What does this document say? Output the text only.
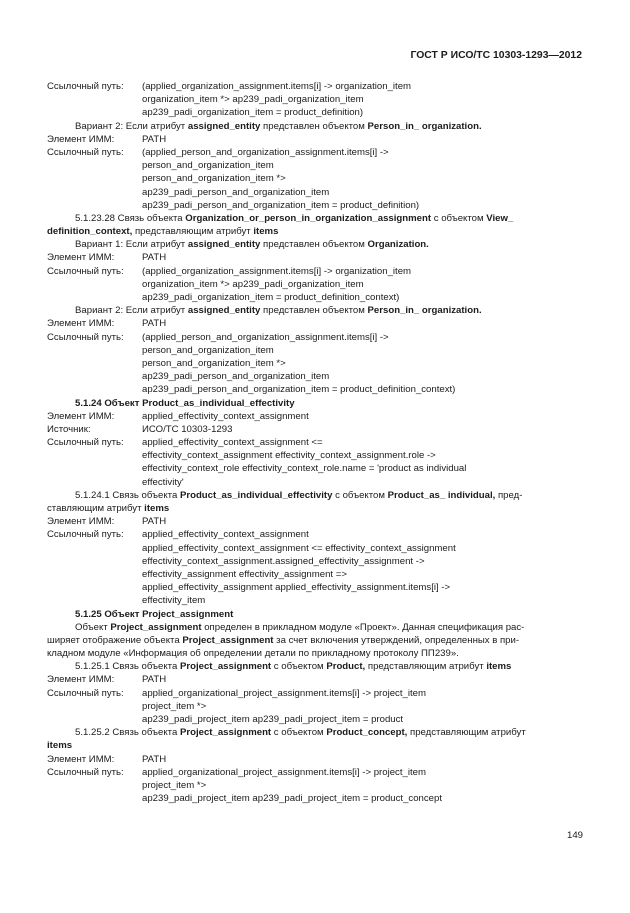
ГОСТ Р ИСО/ТС 10303-1293—2012
Ссылочный путь: (applied_organization_assignment.items[i] -> organization_item
organization_item *> ap239_padi_organization_item
ap239_padi_organization_item = product_definition)
Вариант 2: Если атрибут assigned_entity представлен объектом Person_in_ organization.
Элемент ИММ:	PATH
Ссылочный путь: (applied_person_and_organization_assignment.items[i] ->
person_and_organization_item
person_and_organization_item *>
ap239_padi_person_and_organization_item
ap239_padi_person_and_organization_item = product_definition)
5.1.23.28 Связь объекта Organization_or_person_in_organization_assignment с объектом View_
definition_context, представляющим атрибут items
Вариант 1: Если атрибут assigned_entity представлен объектом Organization.
Элемент ИММ:	PATH
Ссылочный путь: (applied_organization_assignment.items[i] -> organization_item
organization_item *> ap239_padi_organization_item
ap239_padi_organization_item = product_definition_context)
Вариант 2: Если атрибут assigned_entity представлен объектом Person_in_ organization.
Элемент ИММ:	PATH
Ссылочный путь: (applied_person_and_organization_assignment.items[i] ->
person_and_organization_item
person_and_organization_item *>
ap239_padi_person_and_organization_item
ap239_padi_person_and_organization_item = product_definition_context)
5.1.24 Объект Product_as_individual_effectivity
Элемент ИММ:	applied_effectivity_context_assignment
Источник:	ИСО/ТС 10303-1293
Ссылочный путь: applied_effectivity_context_assignment <=
effectivity_context_assignment effectivity_context_assignment.role ->
effectivity_context_role effectivity_context_role.name = 'product as individual
effectivity'
5.1.24.1 Связь объекта Product_as_individual_effectivity с объектом Product_as_ individual, пред-
ставляющим атрибут items
Элемент ИММ:	PATH
Ссылочный путь: applied_effectivity_context_assignment
applied_effectivity_context_assignment <= effectivity_context_assignment
effectivity_context_assignment.assigned_effectivity_assignment ->
effectivity_assignment effectivity_assignment =>
applied_effectivity_assignment applied_effectivity_assignment.items[i] ->
effectivity_item
5.1.25 Объект Project_assignment
Объект Project_assignment определен в прикладном модуле «Проект». Данная спецификация рас-
ширяет отображение объекта Project_assignment за счет включения утверждений, определенных в при-
кладном модуле «Информация об определении детали по прикладному протоколу ПП239».
5.1.25.1 Связь объекта Project_assignment с объектом Product, представляющим атрибут items
Элемент ИММ:	PATH
Ссылочный путь: applied_organizational_project_assignment.items[i] -> project_item
project_item *>
ap239_padi_project_item ap239_padi_project_item = product
5.1.25.2 Связь объекта Project_assignment с объектом Product_concept, представляющим атрибут
items
Элемент ИММ:	PATH
Ссылочный путь: applied_organizational_project_assignment.items[i] -> project_item
project_item *>
ap239_padi_project_item ap239_padi_project_item = product_concept
149
